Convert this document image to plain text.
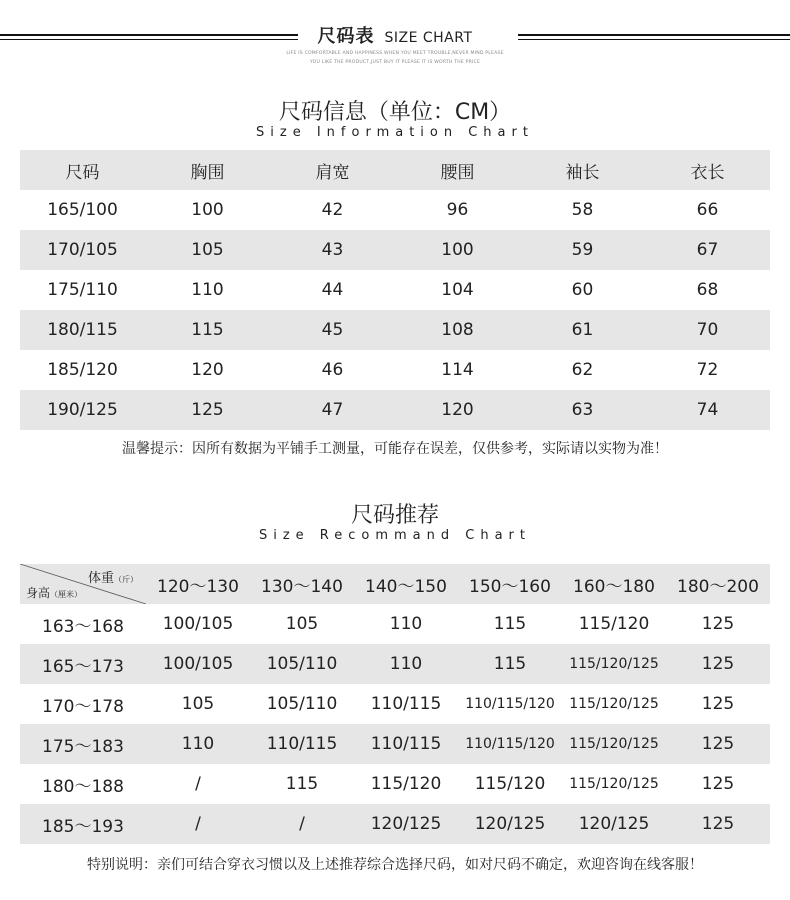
尺码表 SIZE CHART
LIFE IS COMFORTABLE AND HAPPINESS WHEN YOU MEET TROUBLE,NEVER MIND PLEASE
YOU LIKE THE PRODUCT,JUST BUY IT PLEASE IT IS WORTH THE PRICE
尺码信息（单位：CM）
Size Information Chart
尺码	胸围	肩宽	腰围	袖长	衣长
165/100	100	42	96	58	66
170/105	105	43	100	59	67
175/110	110	44	104	60	68
180/115	115	45	108	61	70
185/120	120	46	114	62	72
190/125	125	47	120	63	74
温馨提示：因所有数据为平铺手工测量，可能存在误差，仅供参考，实际请以实物为准！
尺码推荐
Size Recommand Chart
体重（斤）
身高（厘米）	120～130	130～140	140～150	150～160	160～180	180～200
163～168	100/105	105	110	115	115/120	125
165～173	100/105	105/110	110	115	115/120/125	125
170～178	105	105/110	110/115	110/115/120	115/120/125	125
175～183	110	110/115	110/115	110/115/120	115/120/125	125
180～188	/	115	115/120	115/120	115/120/125	125
185～193	/	/	120/125	120/125	120/125	125
特别说明：亲们可结合穿衣习惯以及上述推荐综合选择尺码，如对尺码不确定，欢迎咨询在线客服！
